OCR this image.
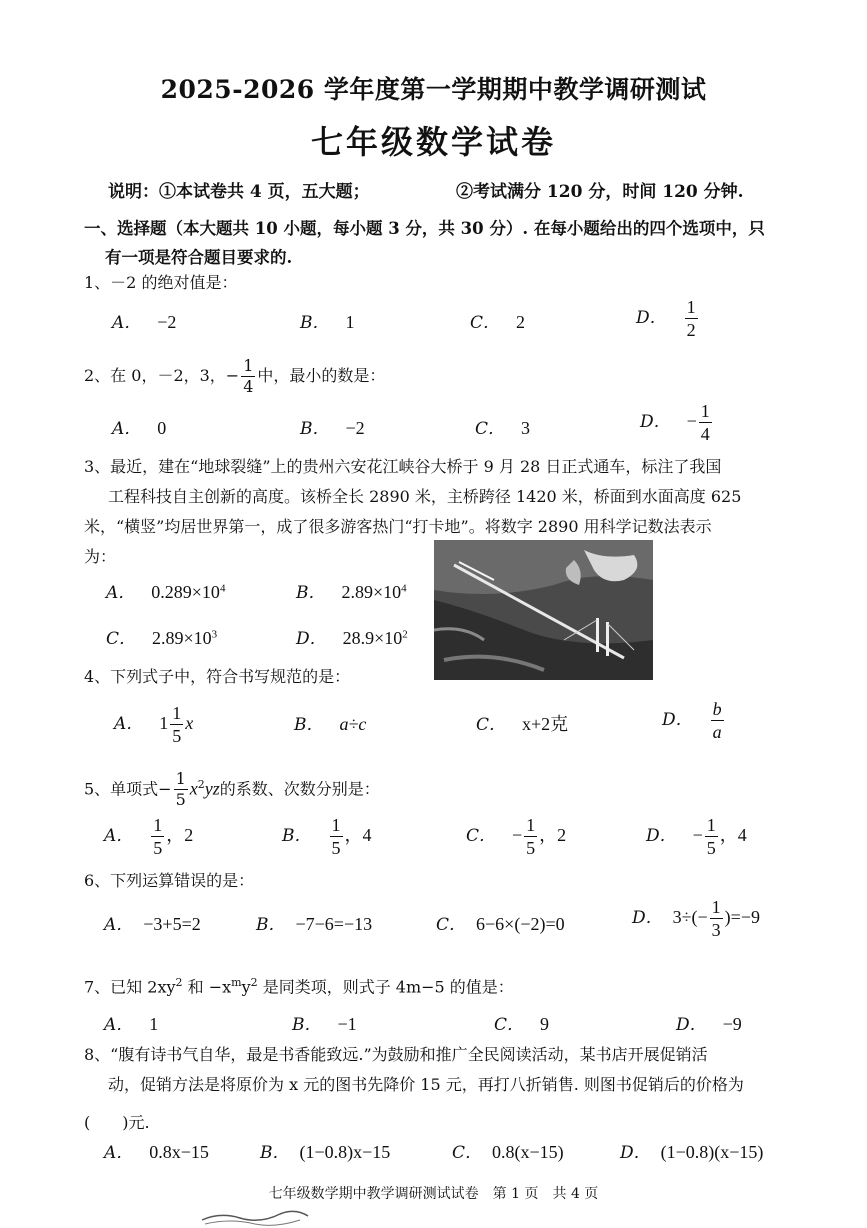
2025-2026 学年度第一学期期中教学调研测试
七年级数学试卷
说明：①本试卷共 4 页，五大题；	②考试满分 120 分，时间 120 分钟.
一、选择题（本大题共 10 小题，每小题 3 分，共 30 分）. 在每小题给出的四个选项中，只
有一项是符合题目要求的.
1、－2 的绝对值是：
A． −2	B． 1	C． 2	D． $\frac{1}{2}$
2、在 0，－2，3，− $\frac{1}{4}$ 中，最小的数是：
A． 0	B． −2	C． 3	D． − $\frac{1}{4}$
3、最近，建在“地球裂缝”上的贵州六安花江峡谷大桥于 9 月 28 日正式通车，标注了我国
工程科技自主创新的高度。该桥全长 2890 米，主桥跨径 1420 米，桥面到水面高度 625
米，“横竖”均居世界第一，成了很多游客热门“打卡地”。将数字 2890 用科学记数法表示
为：
A． $0.289\times 10^4$	B． $2.89\times 10^4$
C． $2.89\times 10^3$	D． $28.9\times 10^2$
4、下列式子中，符合书写规范的是：
A． $1 \frac{1}{5}$ x	B． a÷c	C． x+2克	D． $\frac{b}{a}$
5、单项式− $\frac{1}{5} x^2yz$的系数、次数分别是：
A． $\frac{1}{5}$ ，2	B． $\frac{1}{5}$ ，4	C． − $\frac{1}{5}$ ，2	D． − $\frac{1}{5}$ ，4
6、下列运算错误的是：
A． −3+5=2	B． −7−6=−13	C． 6−6×(−2)=0	D． $3\div(- \frac{1}{3} )=-9$
7、已知 $2xy^2$ 和 $-x^my^2$ 是同类项，则式子 4m−5 的值是：
A． 1	B． −1	C． 9	D． −9
8、“腹有诗书气自华，最是书香能致远.”为鼓励和推广全民阅读活动，某书店开展促销活
动，促销方法是将原价为 x 元的图书先降价 15 元，再打八折销售. 则图书促销后的价格为
(　　)元.
A． 0.8x−15	B． (1−0.8)x−15	C． 0.8(x−15)	D． (1−0.8)(x−15)
七年级数学期中教学调研测试试卷　第 1 页　共 4 页
